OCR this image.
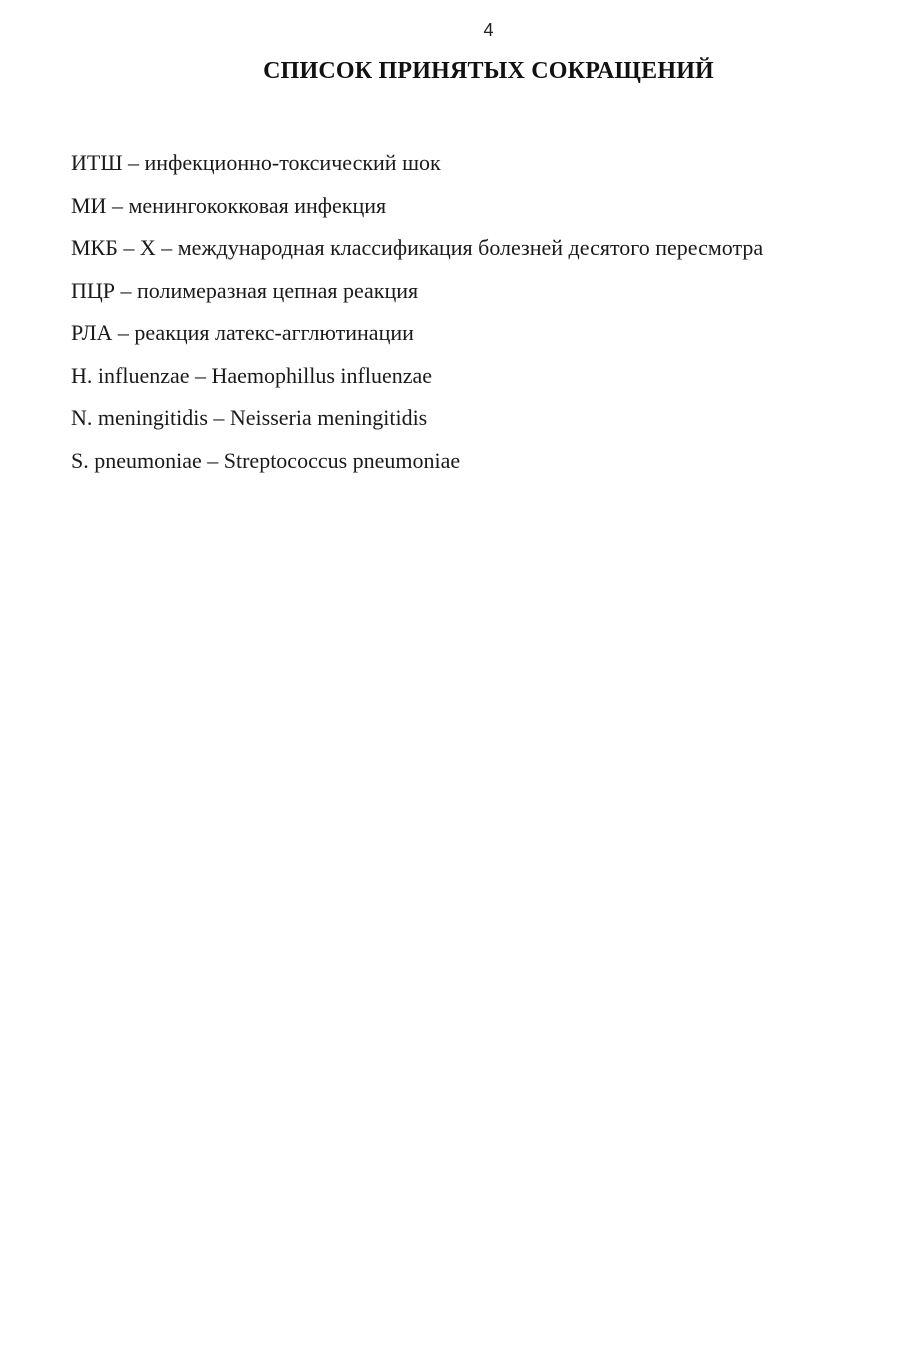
4
СПИСОК ПРИНЯТЫХ СОКРАЩЕНИЙ
ИТШ – инфекционно-токсический шок
МИ – менингококковая инфекция
МКБ – Х – международная классификация болезней десятого пересмотра
ПЦР – полимеразная цепная реакция
РЛА – реакция латекс-агглютинации
H. influenzae – Haemophillus influenzae
N. meningitidis – Neisseria meningitidis
S. pneumoniae – Streptococcus pneumoniae
